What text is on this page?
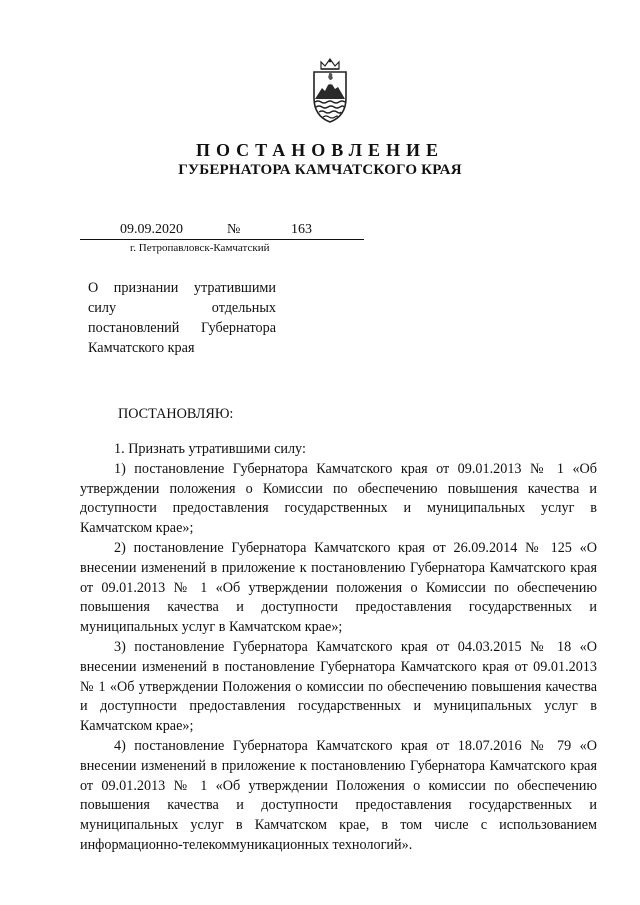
ПОСТАНОВЛЕНИЕ
ГУБЕРНАТОРА КАМЧАТСКОГО КРАЯ
09.09.2020	№	163
г. Петропавловск-Камчатский

О признании утратившими силу отдельных постановлений Губернатора Камчатского края

ПОСТАНОВЛЯЮ:

1. Признать утратившими силу:

1) постановление Губернатора Камчатского края от 09.01.2013 № 1 «Об утверждении положения о Комиссии по обеспечению повышения качества и доступности предоставления государственных и муниципальных услуг в Камчатском крае»;

2) постановление Губернатора Камчатского края от 26.09.2014 № 125 «О внесении изменений в приложение к постановлению Губернатора Камчатского края от 09.01.2013 № 1 «Об утверждении положения о Комиссии по обеспечению повышения качества и доступности предоставления государственных и муниципальных услуг в Камчатском крае»;

3) постановление Губернатора Камчатского края от 04.03.2015 № 18 «О внесении изменений в постановление Губернатора Камчатского края от 09.01.2013 № 1 «Об утверждении Положения о комиссии по обеспечению повышения качества и доступности предоставления государственных и муниципальных услуг в Камчатском крае»;

4) постановление Губернатора Камчатского края от 18.07.2016 № 79 «О внесении изменений в приложение к постановлению Губернатора Камчатского края от 09.01.2013 № 1 «Об утверждении Положения о комиссии по обеспечению повышения качества и доступности предоставления государственных и муниципальных услуг в Камчатском крае, в том числе с использованием информационно-телекоммуникационных технологий».
